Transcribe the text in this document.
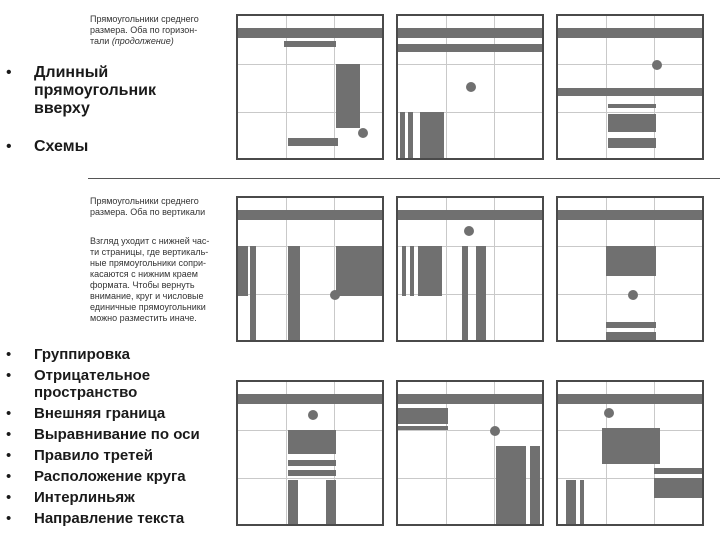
• Длинный прямоугольник вверху
• Схемы
• Группировка
• Отрицательное пространство
• Внешняя граница
• Выравнивание по оси
• Правило третей
• Расположение круга
• Интерлиньяж
• Направление текста
Прямоугольники среднего
размера. Оба по горизон-
тали (продолжение)
Прямоугольники среднего
размера. Оба по вертикали
Взгляд уходит с нижней час-
ти страницы, где вертикаль-
ные прямоугольники сопри-
касаются с нижним краем
формата. Чтобы вернуть
внимание, круг и числовые
единичные прямоугольники
можно разместить иначе.
